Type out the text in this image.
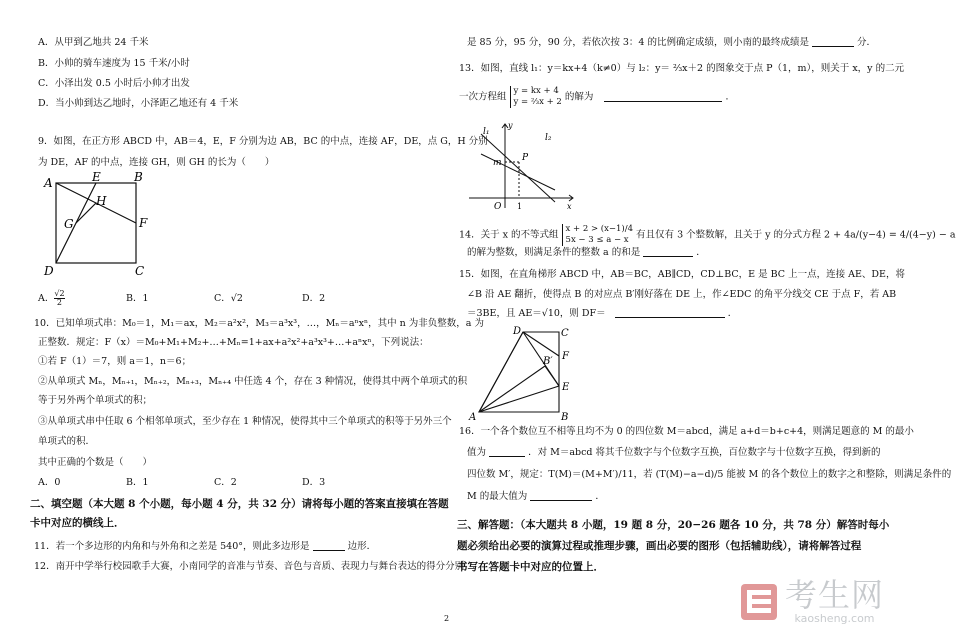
A．从甲到乙地共 24 千米
B．小帅的骑车速度为 15 千米/小时
C．小泽出发 0.5 小时后小帅才出发
D．当小帅到达乙地时，小泽距乙地还有 4 千米
9．如图，在正方形 ABCD 中，AB＝4，E，F 分别为边 AB，BC 的中点，连接 AF，DE，点 G，H 分别
为 DE，AF 的中点，连接 GH，则 GH 的长为（　　）
A	E	B
H
G	F
D	C
A． $\frac{√2}{2}$	B．1	C．√2	D．2
10．已知单项式串：M₀＝1，M₁＝ax，M₂＝a²x²，M₃＝a³x³，…，Mₙ＝aⁿxⁿ，其中 n 为非负整数，a 为
正整数．规定：F（x）＝M₀+M₁+M₂+…+Mₙ=1+ax+a²x²+a³x³+…+aⁿxⁿ，下列说法：
①若 F（1）＝7，则 a＝1，n＝6；
②从单项式 Mₙ，Mₙ₊₁，Mₙ₊₂，Mₙ₊₃，Mₙ₊₄ 中任选 4 个，存在 3 种情况，使得其中两个单项式的积
等于另外两个单项式的积；
③从单项式串中任取 6 个相邻单项式，至少存在 1 种情况，使得其中三个单项式的积等于另外三个
单项式的积．
其中正确的个数是（　　）
A．0	B．1	C．2	D．3
二、填空题（本大题 8 个小题，每小题 4 分，共 32 分）请将每小题的答案直接填在答题
卡中对应的横线上．
11．若一个多边形的内角和与外角和之差是 540°，则此多边形是	边形．
12．南开中学举行校园歌手大赛，小南同学的音准与节奏、音色与音质、表现力与舞台表达的得分分别
是 85 分，95 分，90 分，若依次按 3：4 的比例确定成绩，则小南的最终成绩是	分．
13．如图，直线 l₁：y＝kx+4（k≠0）与 l₂：y＝ ⅔x＋2 的图象交于点 P（1，m），则关于 x，y 的二元
一次方程组
y = kx + 4
y = ⅔x + 2 的解为	．
l₁
l₂
y
m P
O 1	x
14．关于 x 的不等式组
x + 2 > (x−1)/4
5x − 3 ≤ a − x 有且仅有 3 个整数解，且关于 y 的分式方程 2 + 4a/(y−4) = 4/(4−y) − a
的解为整数，则满足条件的整数 a 的和是	．
15．如图，在直角梯形 ABCD 中，AB＝BC，AB∥CD，CD⊥BC，E 是 BC 上一点，连接 AE、DE，将
∠B 沿 AE 翻折，使得点 B 的对应点 B′刚好落在 DE 上，作∠EDC 的角平分线交 CE 于点 F，若 AB
＝3BE，且 AE＝√10，则 DF＝	．
A	B
C
D
E
F
B′
16．一个各个数位互不相等且均不为 0 的四位数 M＝abcd，满足 a+d＝b+c+4，则满足题意的 M 的最小
值为	．对 M＝abcd 将其千位数字与个位数字互换，百位数字与十位数字互换，得到新的
四位数 M′，规定：T(M)＝(M+M′)/11，若 (T(M)−a−d)/5 能被 M 的各个数位上的数字之和整除，则满足条件的
M 的最大值为	．
三、解答题：（本大题共 8 小题，19 题 8 分，20−26 题各 10 分，共 78 分）解答时每小
题必须给出必要的演算过程或推理步骤，画出必要的图形（包括辅助线），请将解答过程
书写在答题卡中对应的位置上．
2
考生网
kaosheng.com
